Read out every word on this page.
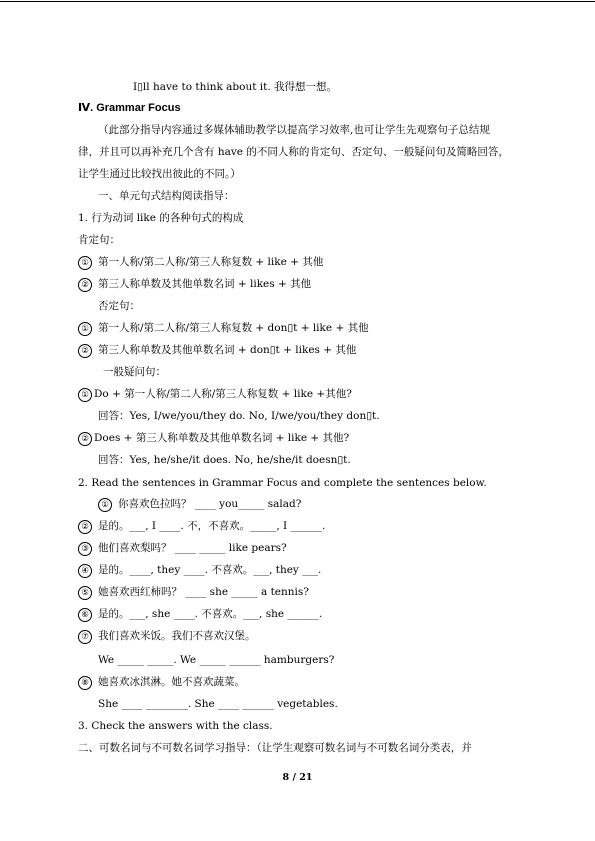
I▯ll have to think about it. 我得想一想。
Ⅳ. Grammar Focus
（此部分指导内容通过多媒体辅助教学以提高学习效率,也可让学生先观察句子总结规
律，并且可以再补充几个含有 have 的不同人称的肯定句、否定句、一般疑问句及简略回答，
让学生通过比较找出彼此的不同。）
一、单元句式结构阅读指导：
1. 行为动词 like 的各种句式的构成
肯定句：
① 第一人称/第二人称/第三人称复数 + like + 其他
② 第三人称单数及其他单数名词 + likes + 其他
否定句：
① 第一人称/第二人称/第三人称复数 + don▯t + like + 其他
② 第三人称单数及其他单数名词 + don▯t + likes + 其他
一般疑问句：
① Do + 第一人称/第二人称/第三人称复数 + like +其他?
回答：Yes, I/we/you/they do. No, I/we/you/they don▯t.
② Does + 第三人称单数及其他单数名词 + like + 其他?
回答：Yes, he/she/it does. No, he/she/it doesn▯t.
2. Read the sentences in Grammar Focus and complete the sentences below.
① 你喜欢色拉吗？ ____ you_____ salad?
② 是的。___, I ____. 不，不喜欢。_____, I ______.
③ 他们喜欢梨吗？ ____ _____ like pears?
④ 是的。____, they ____. 不喜欢。___, they ___.
⑤ 她喜欢西红柿吗？ ____ she _____ a tennis?
⑥ 是的。___, she ____. 不喜欢。___, she ______.
⑦ 我们喜欢米饭。我们不喜欢汉堡。
We _____ _____. We _____ ______ hamburgers?
⑧ 她喜欢冰淇淋。她不喜欢蔬菜。
She ____ ________. She ____ ______ vegetables.
3. Check the answers with the class.
二、可数名词与不可数名词学习指导：（让学生观察可数名词与不可数名词分类表，并
8 / 21
